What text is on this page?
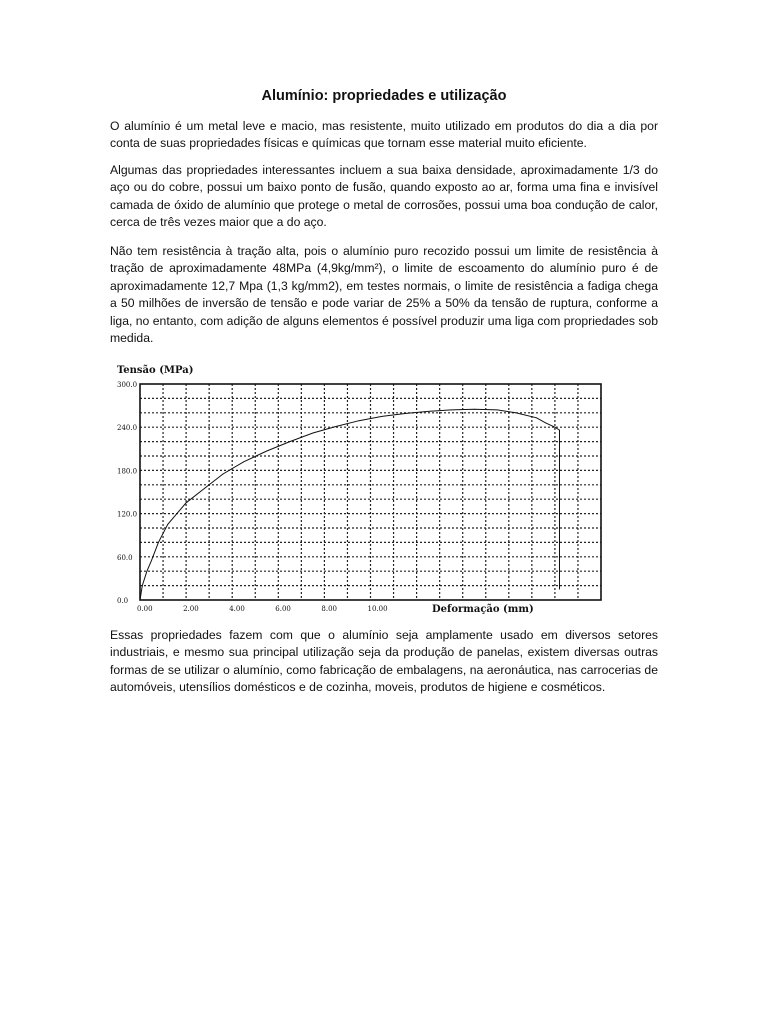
Alumínio: propriedades e utilização

O alumínio é um metal leve e macio, mas resistente, muito utilizado em produtos do dia a dia por conta de suas propriedades físicas e químicas que tornam esse material muito eficiente.

Algumas das propriedades interessantes incluem a sua baixa densidade, aproximadamente 1/3 do aço ou do cobre, possui um baixo ponto de fusão, quando exposto ao ar, forma uma fina e invisível camada de óxido de alumínio que protege o metal de corrosões, possui uma boa condução de calor, cerca de três vezes maior que a do aço.

Não tem resistência à tração alta, pois o alumínio puro recozido possui um limite de resistência à tração de aproximadamente 48MPa (4,9kg/mm²), o limite de escoamento do alumínio puro é de aproximadamente 12,7 Mpa (1,3 kg/mm2), em testes normais, o limite de resistência a fadiga chega a 50 milhões de inversão de tensão e pode variar de 25% a 50% da tensão de ruptura, conforme a liga, no entanto, com adição de alguns elementos é possível produzir uma liga com propriedades sob medida.

Tensão (MPa)
Deformação (mm)
0.0
60.0
120.0
180.0
240.0
300.0
0.00	2.00	4.00	6.00	8.00	10.00

Essas propriedades fazem com que o alumínio seja amplamente usado em diversos setores industriais, e mesmo sua principal utilização seja da produção de panelas, existem diversas outras formas de se utilizar o alumínio, como fabricação de embalagens, na aeronáutica, nas carrocerias de automóveis, utensílios domésticos e de cozinha, moveis, produtos de higiene e cosméticos.
